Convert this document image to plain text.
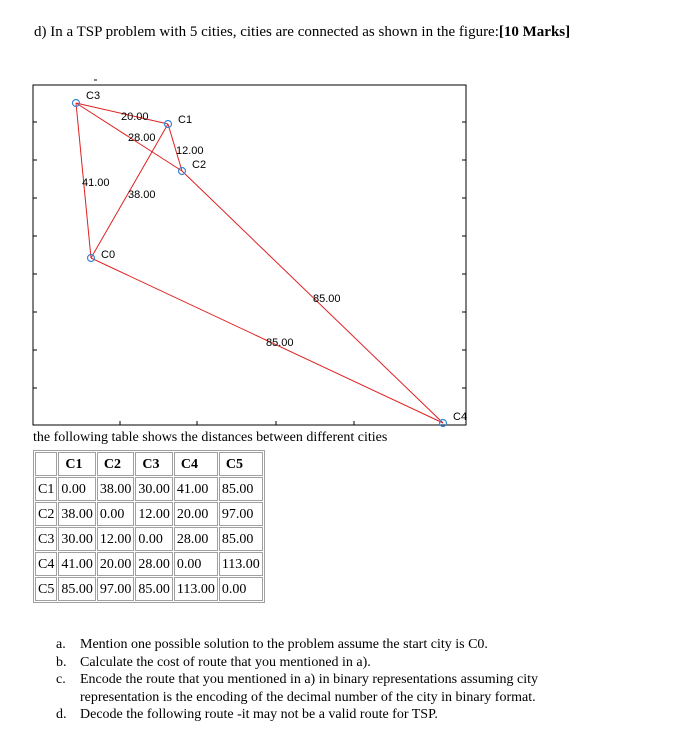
d) In a TSP problem with 5 cities, cities are connected as shown in the figure:[10 Marks]
20.00
28.00
12.00
41.00
38.00
85.00
85.00
C3
C1
C2
C0
C4
the following table shows the distances between different cities
	C1	C2	C3	C4	C5
C1	0.00	38.00	30.00	41.00	85.00
C2	38.00	0.00	12.00	20.00	97.00
C3	30.00	12.00	0.00	28.00	85.00
C4	41.00	20.00	28.00	0.00	113.00
C5	85.00	97.00	85.00	113.00	0.00
a. Mention one possible solution to the problem assume the start city is C0.
b. Calculate the cost of route that you mentioned in a).
c. Encode the route that you mentioned in a) in binary representations assuming city representation is the encoding of the decimal number of the city in binary format.
d. Decode the following route -it may not be a valid route for TSP.
